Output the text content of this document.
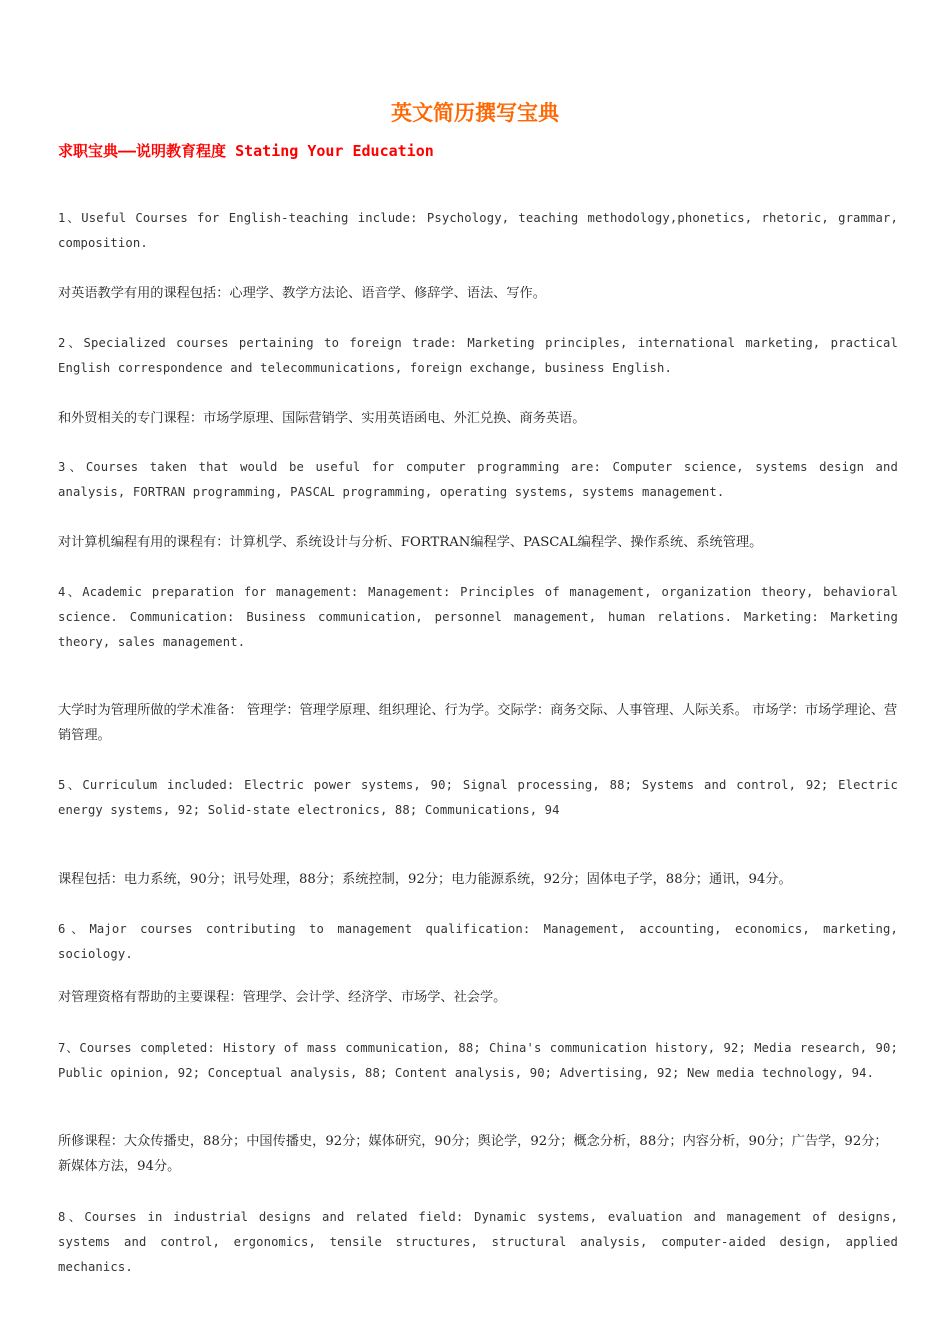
英文简历撰写宝典
求职宝典——说明教育程度 Stating Your Education
1、Useful Courses for English-teaching include: Psychology, teaching methodology,phonetics, rhetoric, grammar, composition.
对英语教学有用的课程包括：心理学、教学方法论、语音学、修辞学、语法、写作。
2、Specialized courses pertaining to foreign trade: Marketing principles, international marketing, practical English correspondence and telecommunications, foreign exchange, business English.
和外贸相关的专门课程：市场学原理、国际营销学、实用英语函电、外汇兑换、商务英语。
3、Courses taken that would be useful for computer programming are: Computer science, systems design and analysis, FORTRAN programming, PASCAL programming, operating systems, systems management.
对计算机编程有用的课程有：计算机学、系统设计与分析、FORTRAN编程学、PASCAL编程学、操作系统、系统管理。
4、Academic preparation for management: Management: Principles of management, organization theory, behavioral science. Communication: Business communication, personnel management, human relations. Marketing: Marketing theory, sales management.
大学时为管理所做的学术准备： 管理学：管理学原理、组织理论、行为学。交际学：商务交际、人事管理、人际关系。 市场学：市场学理论、营销管理。
5、Curriculum included: Electric power systems, 90; Signal processing, 88; Systems and control, 92; Electric energy systems, 92; Solid-state electronics, 88; Communications, 94
课程包括：电力系统，90分；讯号处理，88分；系统控制，92分；电力能源系统，92分；固体电子学，88分；通讯，94分。
6、Major courses contributing to management qualification: Management, accounting, economics, marketing, sociology.
对管理资格有帮助的主要课程：管理学、会计学、经济学、市场学、社会学。
7、Courses completed: History of mass communication, 88; China's communication history, 92; Media research, 90; Public opinion, 92; Conceptual analysis, 88; Content analysis, 90; Advertising, 92; New media technology, 94.
所修课程：大众传播史，88分；中国传播史，92分；媒体研究，90分；舆论学，92分；概念分析，88分；内容分析，90分；广告学，92分；新媒体方法，94分。
8、Courses in industrial designs and related field: Dynamic systems, evaluation and management of designs, systems and control, ergonomics, tensile structures, structural analysis, computer-aided design, applied mechanics.
